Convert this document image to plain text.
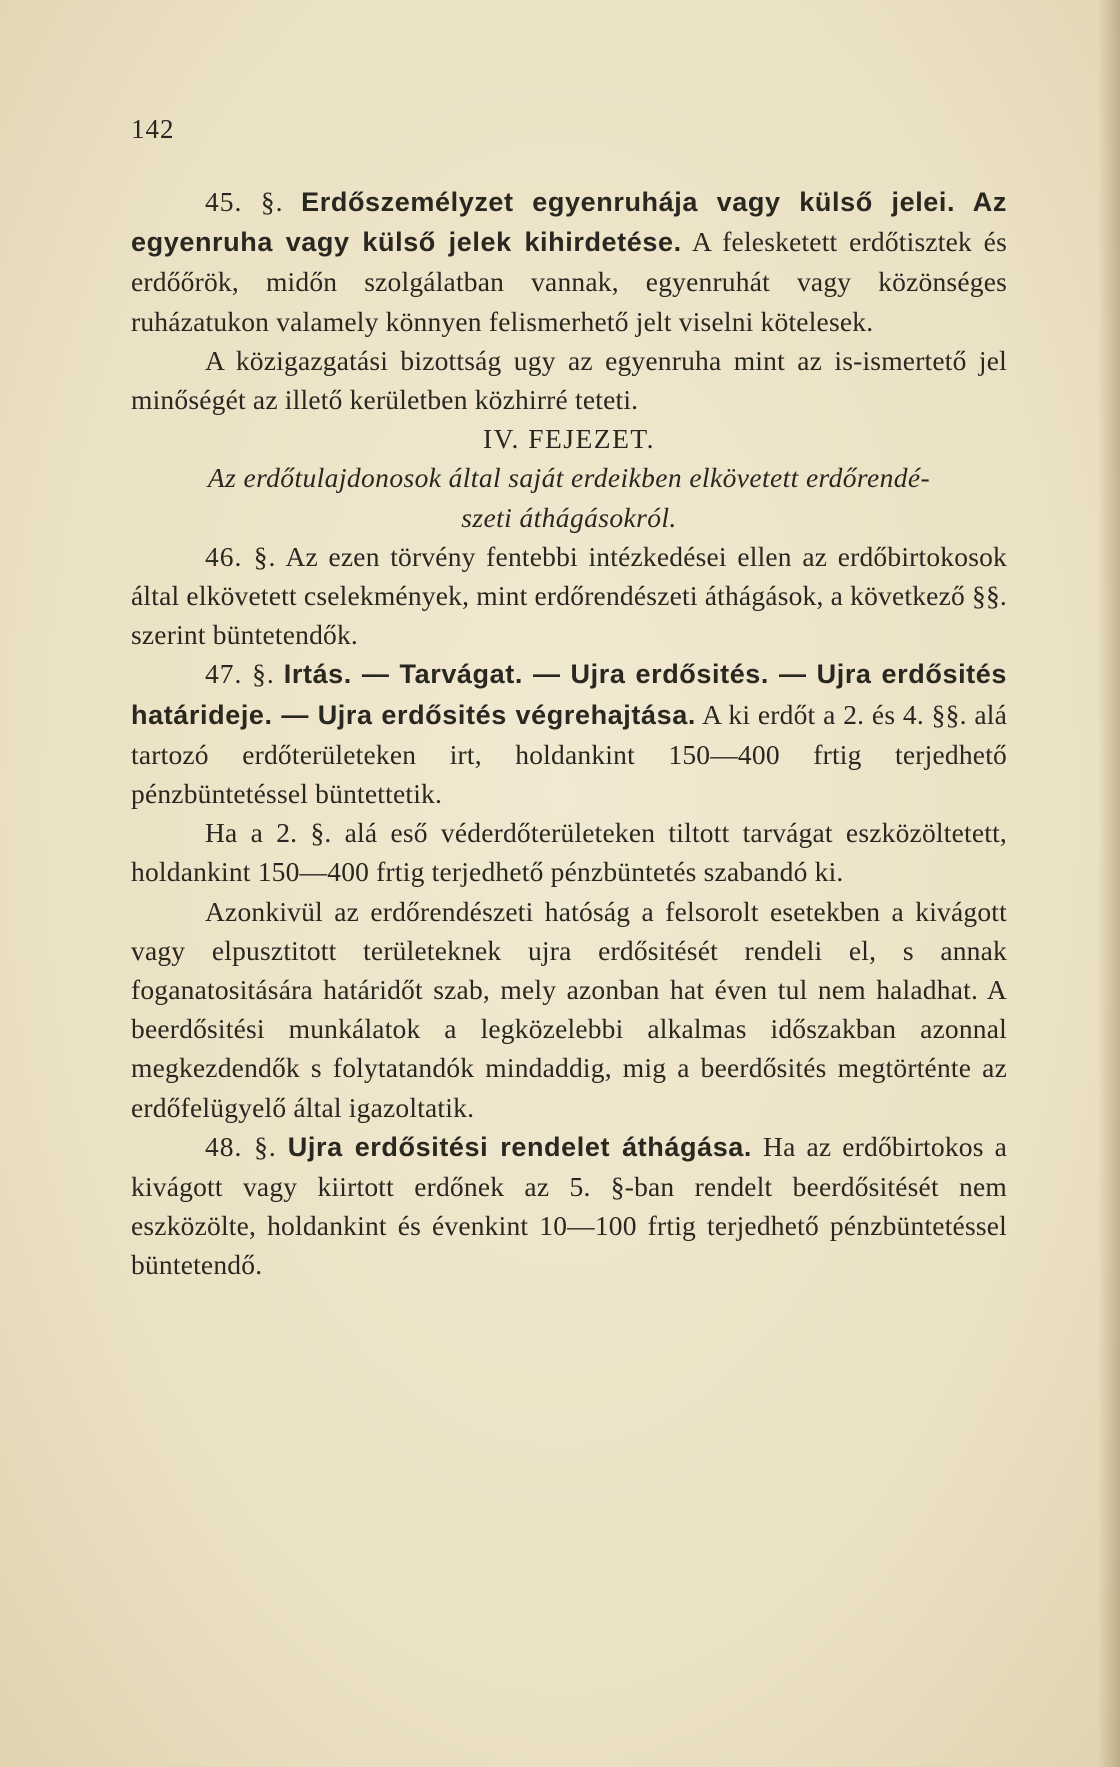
142

45. §. Erdőszemélyzet egyenruhája vagy külső jelei. Az egyenruha vagy külső jelek kihirdetése. A felesketett erdőtisztek és erdőőrök, midőn szolgálatban vannak, egyenruhát vagy közönséges ruházatukon valamely könnyen felismerhető jelt viselni kötelesek.

A közigazgatási bizottság ugy az egyenruha mint az is-ismertető jel minőségét az illető kerületben közhirré teteti.

IV. FEJEZET.

Az erdőtulajdonosok által saját erdeikben elkövetett erdőrendé-
szeti áthágásokról.

46. §. Az ezen törvény fentebbi intézkedései ellen az erdőbirtokosok által elkövetett cselekmények, mint erdőrendészeti áthágások, a következő §§. szerint büntetendők.

47. §. Irtás. — Tarvágat. — Ujra erdősités. — Ujra erdősités határideje. — Ujra erdősités végrehajtása. A ki erdőt a 2. és 4. §§. alá tartozó erdőterületeken irt, holdankint 150—400 frtig terjedhető pénzbüntetéssel büntettetik.

Ha a 2. §. alá eső véderdőterületeken tiltott tarvágat eszközöltetett, holdankint 150—400 frtig terjedhető pénzbüntetés szabandó ki.

Azonkivül az erdőrendészeti hatóság a felsorolt esetekben a kivágott vagy elpusztitott területeknek ujra erdősitését rendeli el, s annak foganatositására határidőt szab, mely azonban hat éven tul nem haladhat. A beerdősitési munkálatok a legközelebbi alkalmas időszakban azonnal megkezdendők s folytatandók mindaddig, mig a beerdősités megtörténte az erdőfelügyelő által igazoltatik.

48. §. Ujra erdősitési rendelet áthágása. Ha az erdőbirtokos a kivágott vagy kiirtott erdőnek az 5. §-ban rendelt beerdősitését nem eszközölte, holdankint és évenkint 10—100 frtig terjedhető pénzbüntetéssel büntetendő.
